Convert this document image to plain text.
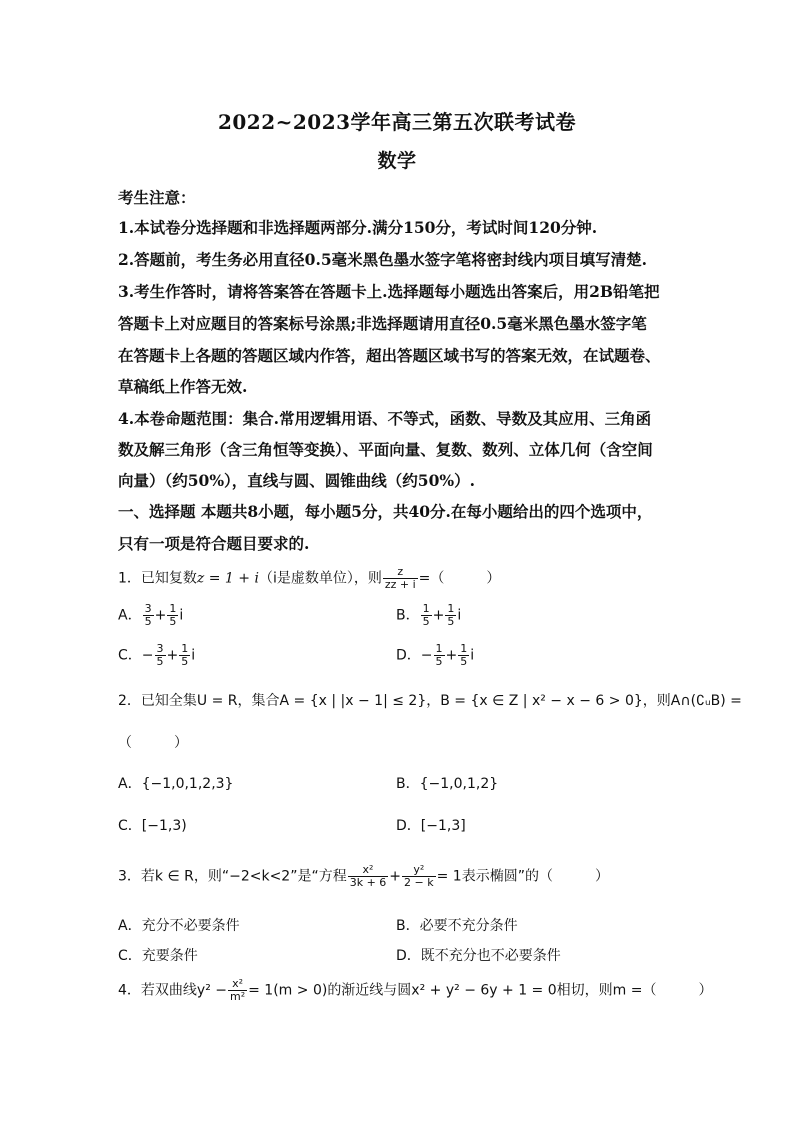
2022~2023学年高三第五次联考试卷
数学
考生注意：
1.本试卷分选择题和非选择题两部分.满分150分，考试时间120分钟.
2.答题前，考生务必用直径0.5毫米黑色墨水签字笔将密封线内项目填写清楚.
3.考生作答时，请将答案答在答题卡上.选择题每小题选出答案后，用2B铅笔把
答题卡上对应题目的答案标号涂黑;非选择题请用直径0.5毫米黑色墨水签字笔
在答题卡上各题的答题区域内作答，超出答题区域书写的答案无效，在试题卷、
草稿纸上作答无效.
4.本卷命题范围：集合.常用逻辑用语、不等式，函数、导数及其应用、三角函
数及解三角形（含三角恒等变换）、平面向量、复数、数列、立体几何（含空间
向量）（约50%），直线与圆、圆锥曲线（约50%）.
一、选择题 本题共8小题，每小题5分，共40分.在每小题给出的四个选项中，
只有一项是符合题目要求的.
1．已知复数z = 1 + i（i是虚数单位），则 $\frac{z}{zz + i}$ =（　　　）
A． $\frac{3}{5} + \frac{1}{5}$ i	B． $\frac{1}{5} + \frac{1}{5}$ i
C．− $\frac{3}{5} + \frac{1}{5}$ i	D．− $\frac{1}{5} + \frac{1}{5}$ i
2．已知全集U = R，集合A = {x | |x − 1| ≤ 2}，B = {x ∈ Z | x² − x − 6 > 0}，则A∩(∁ᵤB) =
（　　　）
A．{−1,0,1,2,3}	B．{−1,0,1,2}
C．[−1,3)	D．[−1,3]
3．若k ∈ R，则“−2<k<2”是“方程 $\frac{\text{x²}}{3k + 6} + \frac{\text{y²}}{2 - k} = 1$表示椭圆”的（　　　）
A．充分不必要条件	B．必要不充分条件
C．充要条件	D．既不充分也不必要条件
4．若双曲线$y^2 - \frac{\text{x²}}{\text{m²}} = 1(m > 0)$的渐近线与圆x² + y² − 6y + 1 = 0相切，则m =（　　　）
